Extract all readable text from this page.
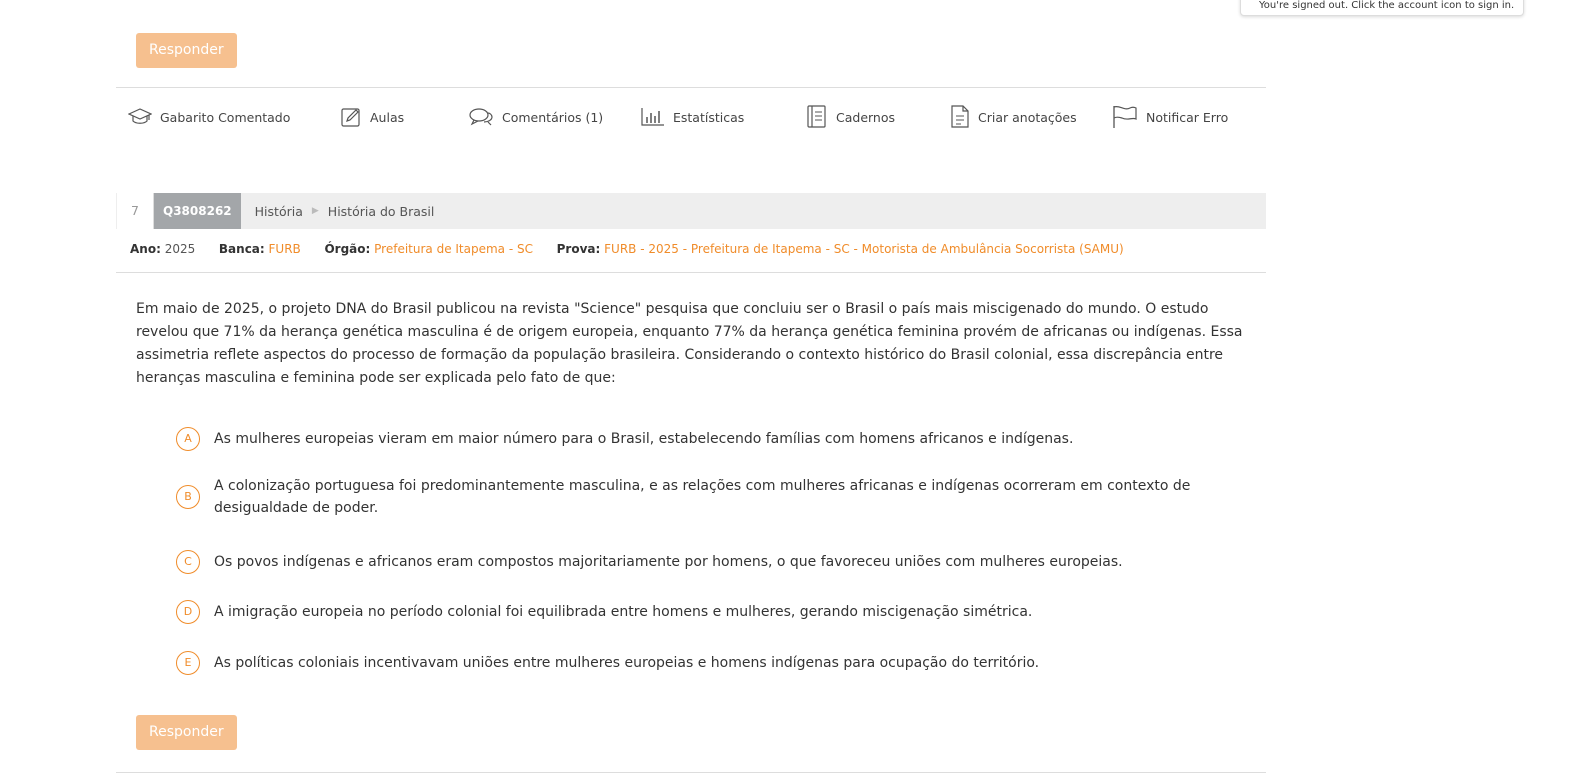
You're signed out. Click the account icon to sign in.
Responder
Gabarito Comentado	Aulas	Comentários (1)	Estatísticas	Cadernos	Criar anotações	Notificar Erro
7	Q3808262	História ▶ História do Brasil
Ano: 2025 Banca: FURB Órgão: Prefeitura de Itapema - SC Prova: FURB - 2025 - Prefeitura de Itapema - SC - Motorista de Ambulância Socorrista (SAMU)
Em maio de 2025, o projeto DNA do Brasil publicou na revista "Science" pesquisa que concluiu ser o Brasil o país mais miscigenado do mundo. O estudo revelou que 71% da herança genética masculina é de origem europeia, enquanto 77% da herança genética feminina provém de africanas ou indígenas. Essa assimetria reflete aspectos do processo de formação da população brasileira. Considerando o contexto histórico do Brasil colonial, essa discrepância entre heranças masculina e feminina pode ser explicada pelo fato de que:
A	As mulheres europeias vieram em maior número para o Brasil, estabelecendo famílias com homens africanos e indígenas.
B
A colonização portuguesa foi predominantemente masculina, e as relações com mulheres africanas e indígenas ocorreram em contexto de desigualdade de poder.
C	Os povos indígenas e africanos eram compostos majoritariamente por homens, o que favoreceu uniões com mulheres europeias.
D	A imigração europeia no período colonial foi equilibrada entre homens e mulheres, gerando miscigenação simétrica.
E	As políticas coloniais incentivavam uniões entre mulheres europeias e homens indígenas para ocupação do território.
Responder
